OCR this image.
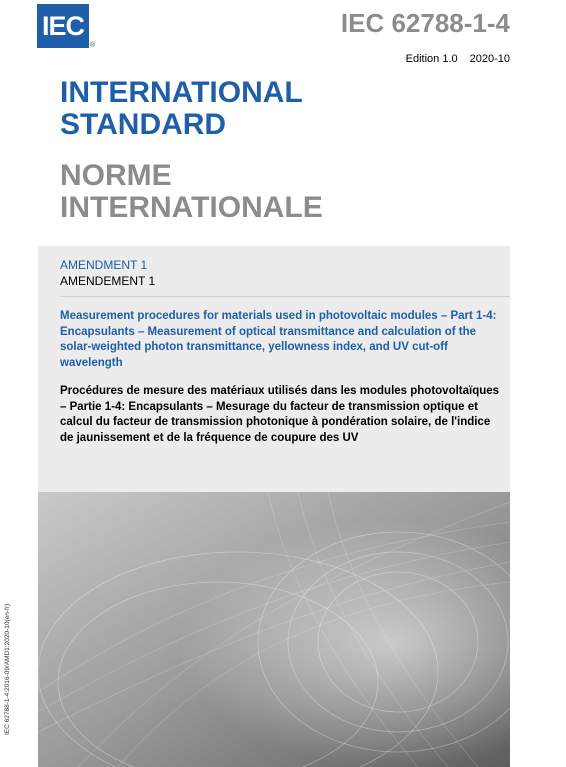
IEC
®
IEC 62788-1-4
Edition 1.0 2020-10
INTERNATIONAL
STANDARD
NORME
INTERNATIONALE
AMENDMENT 1
AMENDEMENT 1
Measurement procedures for materials used in photovoltaic modules – Part 1-4: Encapsulants – Measurement of optical transmittance and calculation of the solar-weighted photon transmittance, yellowness index, and UV cut-off wavelength
Procédures de mesure des matériaux utilisés dans les modules photovoltaïques – Partie 1-4: Encapsulants – Mesurage du facteur de transmission optique et calcul du facteur de transmission photonique à pondération solaire, de l'indice de jaunissement et de la fréquence de coupure des UV
IEC 62788-1-4:2016-09/AMD1:2020-10(en-fr)
